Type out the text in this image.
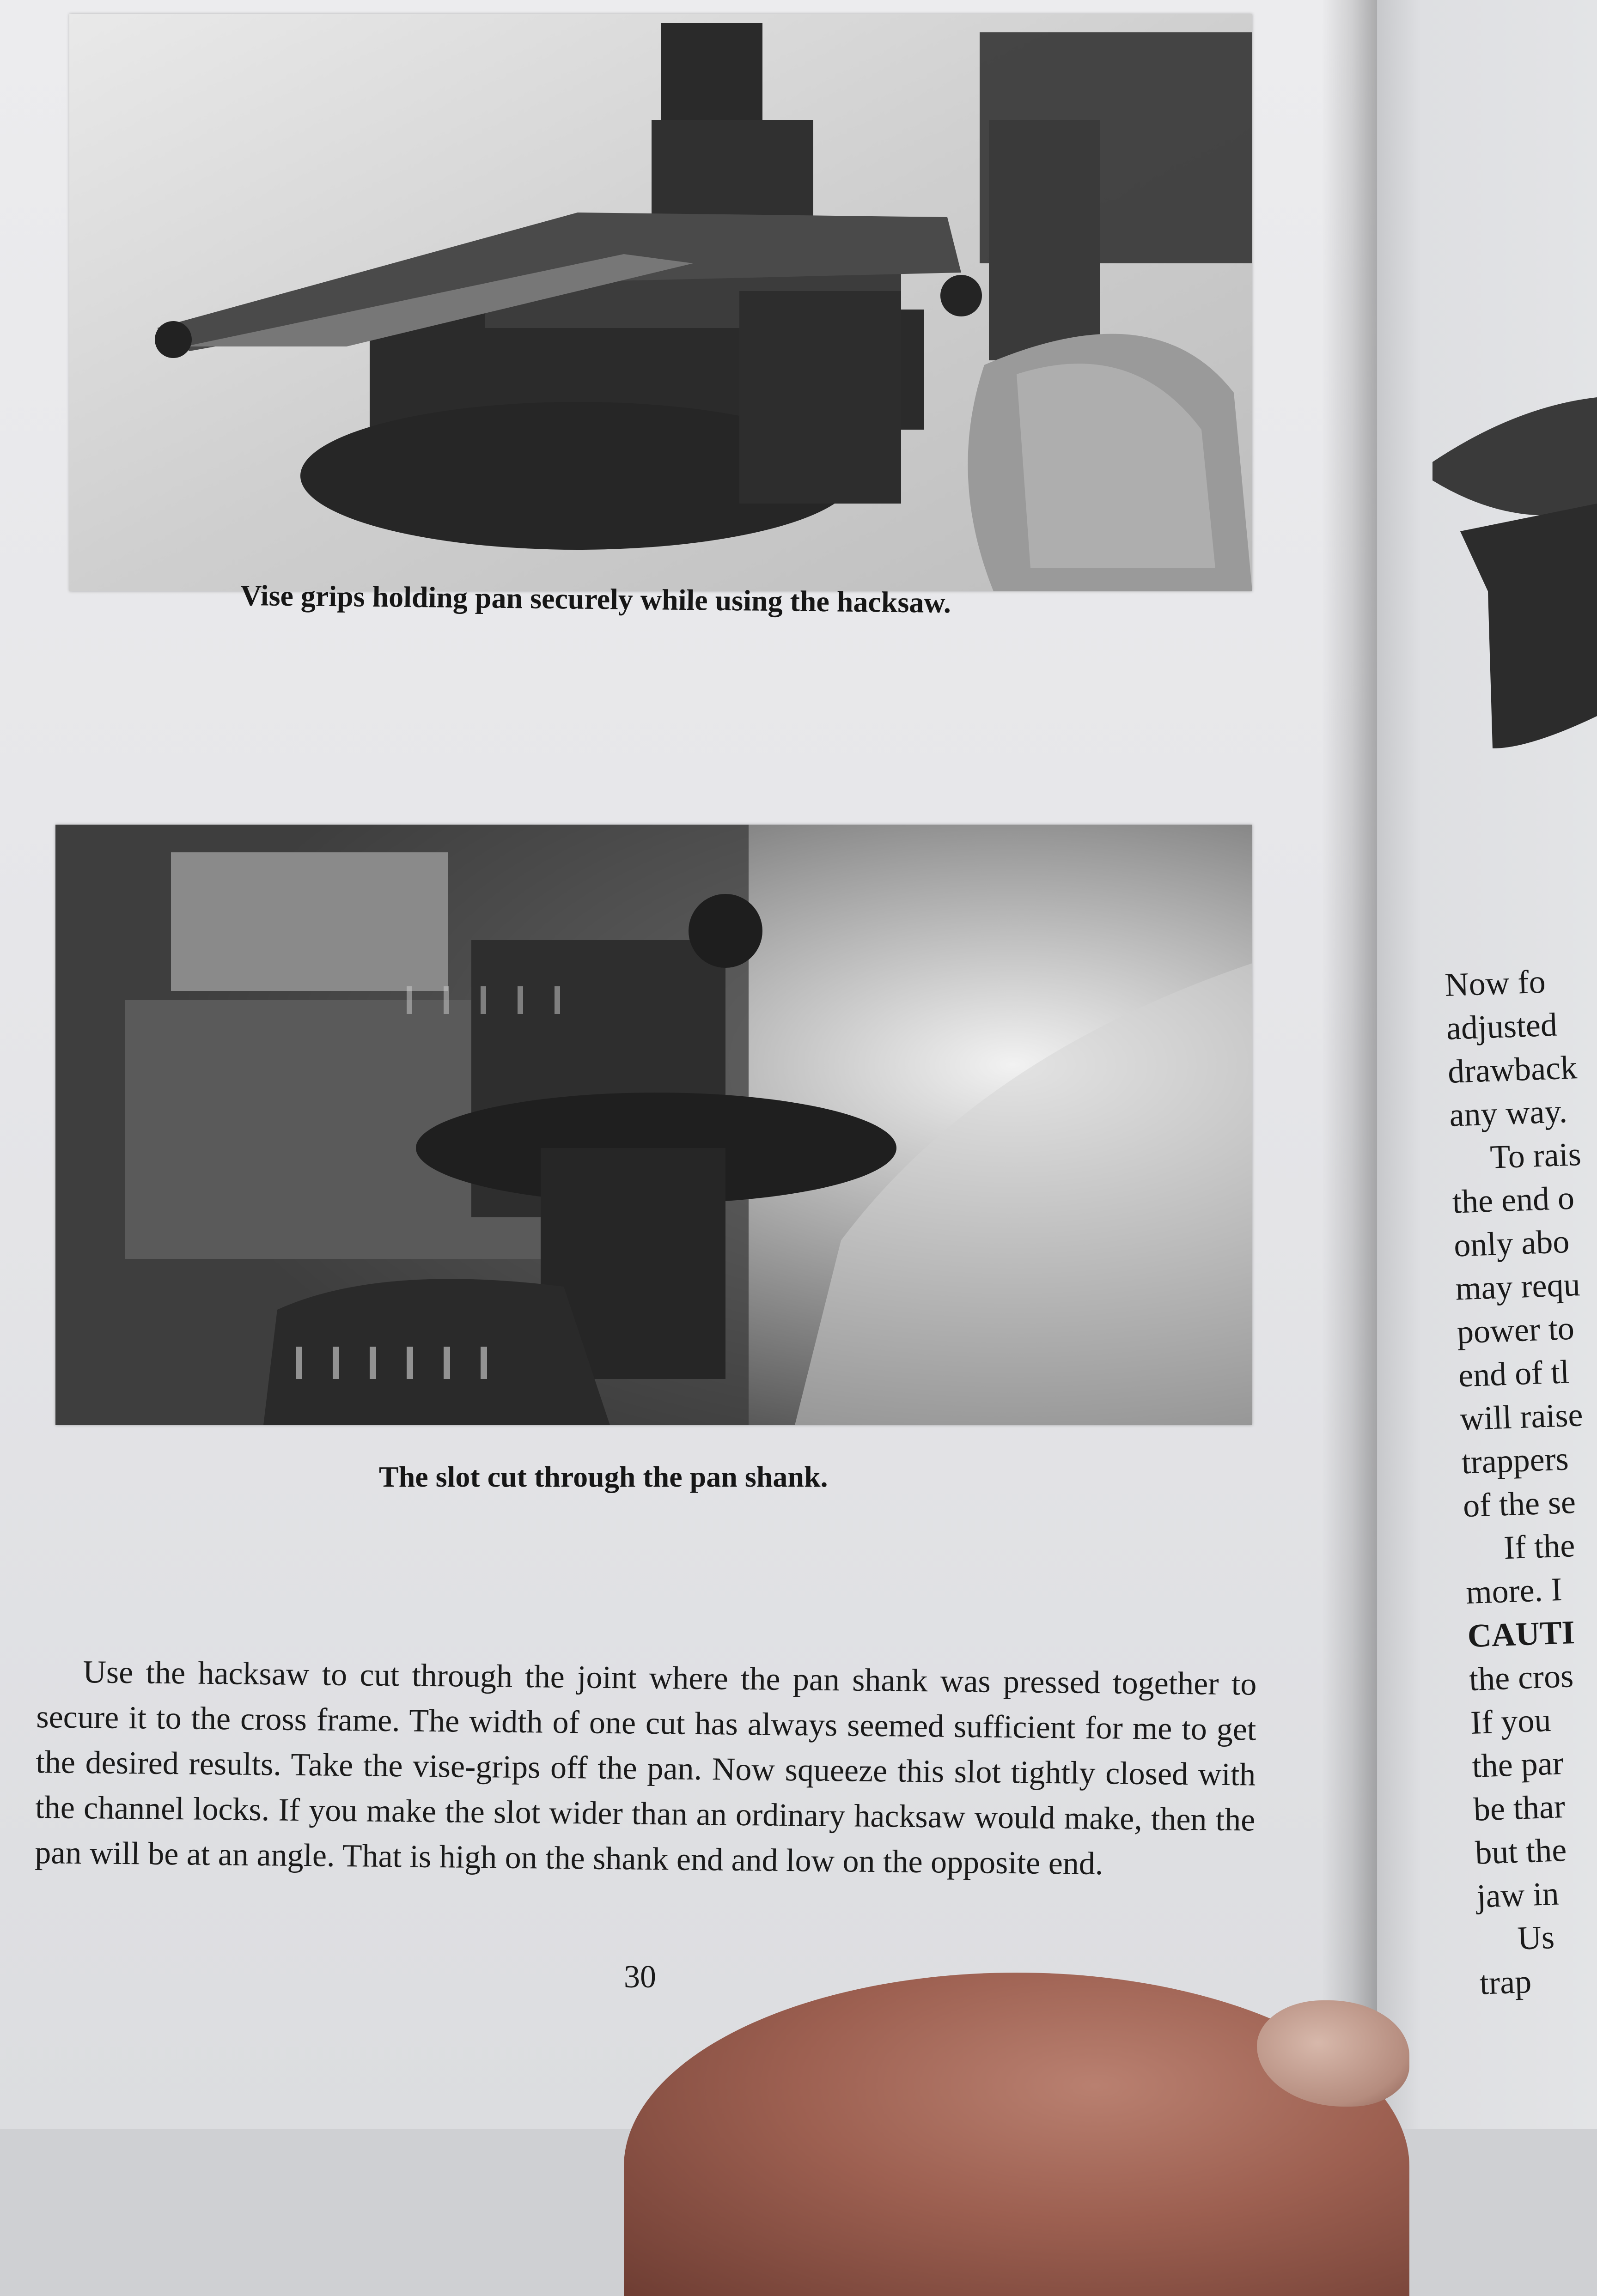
Vise grips holding pan securely while using the hacksaw.
The slot cut through the pan shank.

Use the hacksaw to cut through the joint where the pan shank was pressed together to secure it to the cross frame. The width of one cut has always seemed sufficient for me to get the desired results. Take the vise-grips off the pan. Now squeeze this slot tightly closed with the channel locks. If you make the slot wider than an ordinary hacksaw would make, then the pan will be at an angle. That is high on the shank end and low on the opposite end.

30
Now fo
adjusted
drawback
any way.
To rais
the end o
only abo
may requ
power to
end of tl
will raise
trappers
of the se
If the
more. I
CAUTI
the cros
If you
the par
be thar
but the
jaw in
Us
trap
